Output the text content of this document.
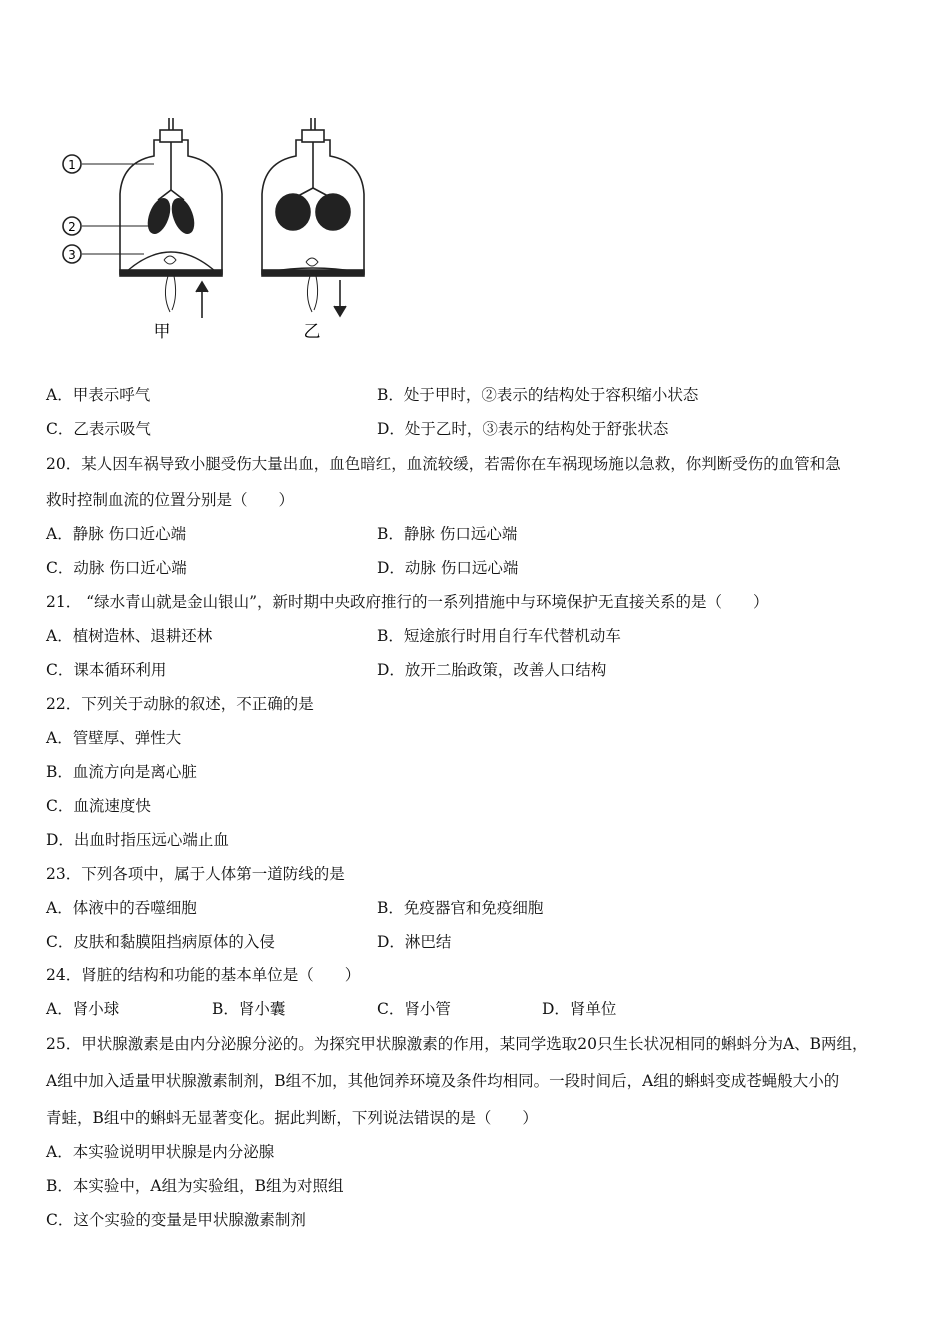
1
2
3
甲	乙
A．甲表示呼气	B．处于甲时，②表示的结构处于容积缩小状态
C．乙表示吸气	D．处于乙时，③表示的结构处于舒张状态
20．某人因车祸导致小腿受伤大量出血，血色暗红，血流较缓，若需你在车祸现场施以急救，你判断受伤的血管和急
救时控制血流的位置分别是（　　）
A．静脉 伤口近心端	B．静脉 伤口远心端
C．动脉 伤口近心端	D．动脉 伤口远心端
21． “绿水青山就是金山银山”，新时期中央政府推行的一系列措施中与环境保护无直接关系的是（　　）
A．植树造林、退耕还林	B．短途旅行时用自行车代替机动车
C．课本循环利用	D．放开二胎政策，改善人口结构
22．下列关于动脉的叙述，不正确的是
A．管壁厚、弹性大
B．血流方向是离心脏
C．血流速度快
D．出血时指压远心端止血
23．下列各项中，属于人体第一道防线的是
A．体液中的吞噬细胞	B．免疫器官和免疫细胞
C．皮肤和黏膜阻挡病原体的入侵	D．淋巴结
24．肾脏的结构和功能的基本单位是（　　）
A．肾小球	B．肾小囊	C．肾小管	D．肾单位
25．甲状腺激素是由内分泌腺分泌的。为探究甲状腺激素的作用，某同学选取20只生长状况相同的蝌蚪分为A、B两组，
A组中加入适量甲状腺激素制剂，B组不加，其他饲养环境及条件均相同。一段时间后，A组的蝌蚪变成苍蝇般大小的
青蛙，B组中的蝌蚪无显著变化。据此判断，下列说法错误的是（　　）
A．本实验说明甲状腺是内分泌腺
B．本实验中，A组为实验组，B组为对照组
C．这个实验的变量是甲状腺激素制剂
